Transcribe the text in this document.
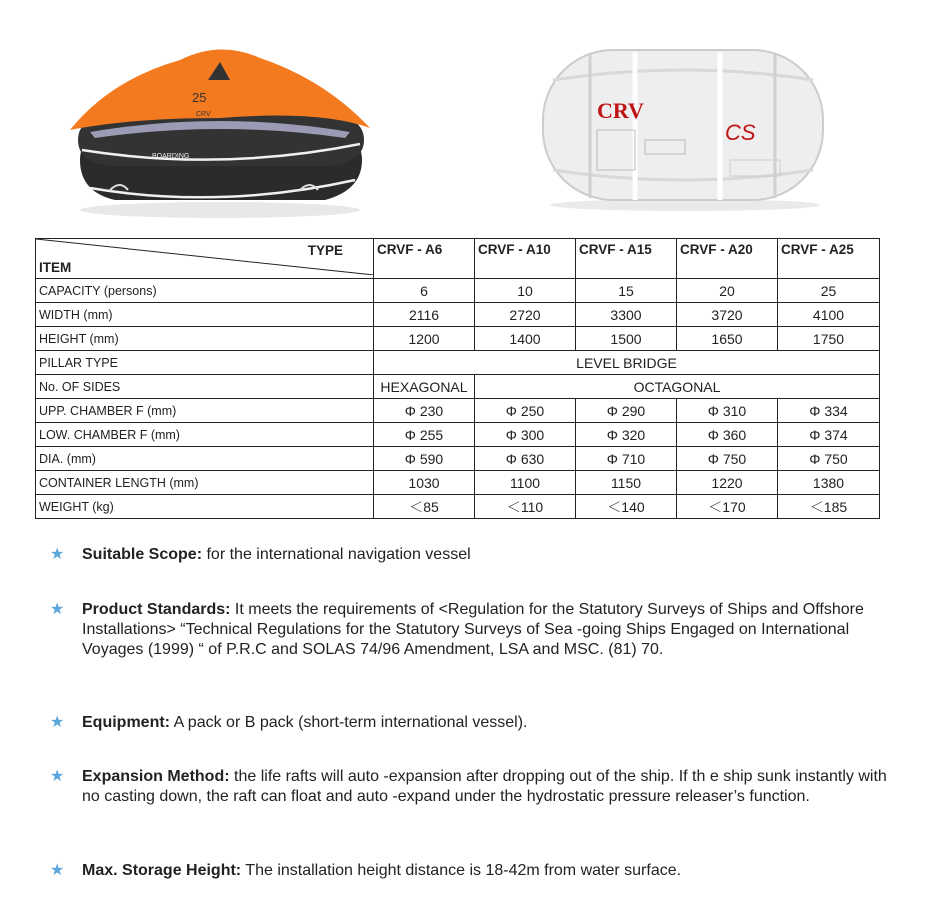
25
CRV
BOARDING
CRV
CS
TYPE
ITEM	CRVF - A6	CRVF - A10	CRVF - A15	CRVF - A20	CRVF - A25
CAPACITY (persons)	6	10	15	20	25
WIDTH (mm)	2116	2720	3300	3720	4100
HEIGHT (mm)	1200	1400	1500	1650	1750
PILLAR TYPE	LEVEL BRIDGE				
No. OF SIDES	HEXAGONAL	OCTAGONAL			
UPP. CHAMBER F (mm)	Φ 230	Φ 250	Φ 290	Φ 310	Φ 334
LOW. CHAMBER F (mm)	Φ 255	Φ 300	Φ 320	Φ 360	Φ 374
DIA. (mm)	Φ 590	Φ 630	Φ 710	Φ 750	Φ 750
CONTAINER LENGTH (mm)	1030	1100	1150	1220	1380
WEIGHT (kg)	＜85	＜110	＜140	＜170	＜185
★	Suitable Scope: for the international navigation vessel
★	Product Standards: It meets the requirements of <Regulation for the Statutory Surveys of Ships and Offshore Installations> “Technical Regulations for the Statutory Surveys of Sea -going Ships Engaged on International Voyages (1999) “ of P.R.C and SOLAS 74/96 Amendment, LSA and MSC. (81) 70.
★	Equipment: A pack or B pack (short-term international vessel).
★	Expansion Method: the life rafts will auto -expansion after dropping out of the ship. If th e ship sunk instantly with no casting down, the raft can float and auto -expand under the hydrostatic pressure releaser’s function.
★	Max. Storage Height: The installation height distance is 18-42m from water surface.
